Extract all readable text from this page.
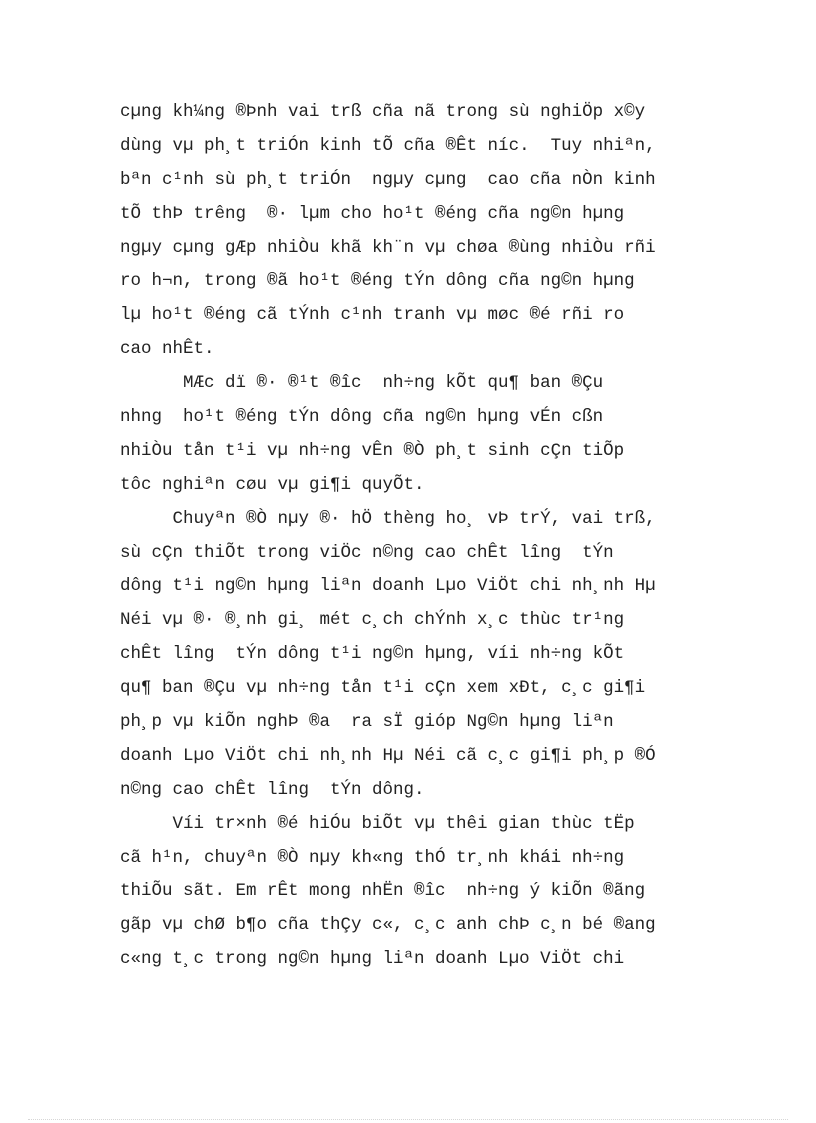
cµng kh¼ng ®Þnh vai trß cña nã trong sù nghiÖp x©y
dùng vµ ph¸t triÓn kinh tÕ cña ®Êt níc.  Tuy nhiªn,
bªn c¹nh sù ph¸t triÓn  ngµy cµng  cao cña nÒn kinh
tÕ thÞ trêng  ®· lµm cho ho¹t ®éng cña ng©n hµng
ngµy cµng gÆp nhiÒu khã kh¨n vµ chøa ®ùng nhiÒu rñi
ro h¬n, trong ®ã ho¹t ®éng tÝn dông cña ng©n hµng
lµ ho¹t ®éng cã tÝnh c¹nh tranh vµ møc ®é rñi ro
cao nhÊt.
MÆc dï ®· ®¹t ®îc  nh÷ng kÕt qu¶ ban ®Çu
nhng  ho¹t ®éng tÝn dông cña ng©n hµng vÉn cßn
nhiÒu tån t¹i vµ nh÷ng vÊn ®Ò ph¸t sinh cÇn tiÕp
tôc nghiªn cøu vµ gi¶i quyÕt.
Chuyªn ®Ò nµy ®· hÖ thèng ho¸ vÞ trÝ, vai trß,
sù cÇn thiÕt trong viÖc n©ng cao chÊt lîng  tÝn
dông t¹i ng©n hµng liªn doanh Lµo ViÖt chi nh¸nh Hµ
Néi vµ ®· ®¸nh gi¸ mét c¸ch chÝnh x¸c thùc tr¹ng
chÊt lîng  tÝn dông t¹i ng©n hµng, víi nh÷ng kÕt
qu¶ ban ®Çu vµ nh÷ng tån t¹i cÇn xem xÐt, c¸c gi¶i
ph¸p vµ kiÕn nghÞ ®a  ra sÏ gióp Ng©n hµng liªn
doanh Lµo ViÖt chi nh¸nh Hµ Néi cã c¸c gi¶i ph¸p ®Ó
n©ng cao chÊt lîng  tÝn dông.
Víi tr×nh ®é hiÓu biÕt vµ thêi gian thùc tËp
cã h¹n, chuyªn ®Ò nµy kh«ng thÓ tr¸nh khái nh÷ng
thiÕu sãt. Em rÊt mong nhËn ®îc  nh÷ng ý kiÕn ®ãng
gãp vµ chØ b¶o cña thÇy c«, c¸c anh chÞ c¸n bé ®ang
c«ng t¸c trong ng©n hµng liªn doanh Lµo ViÖt chi
